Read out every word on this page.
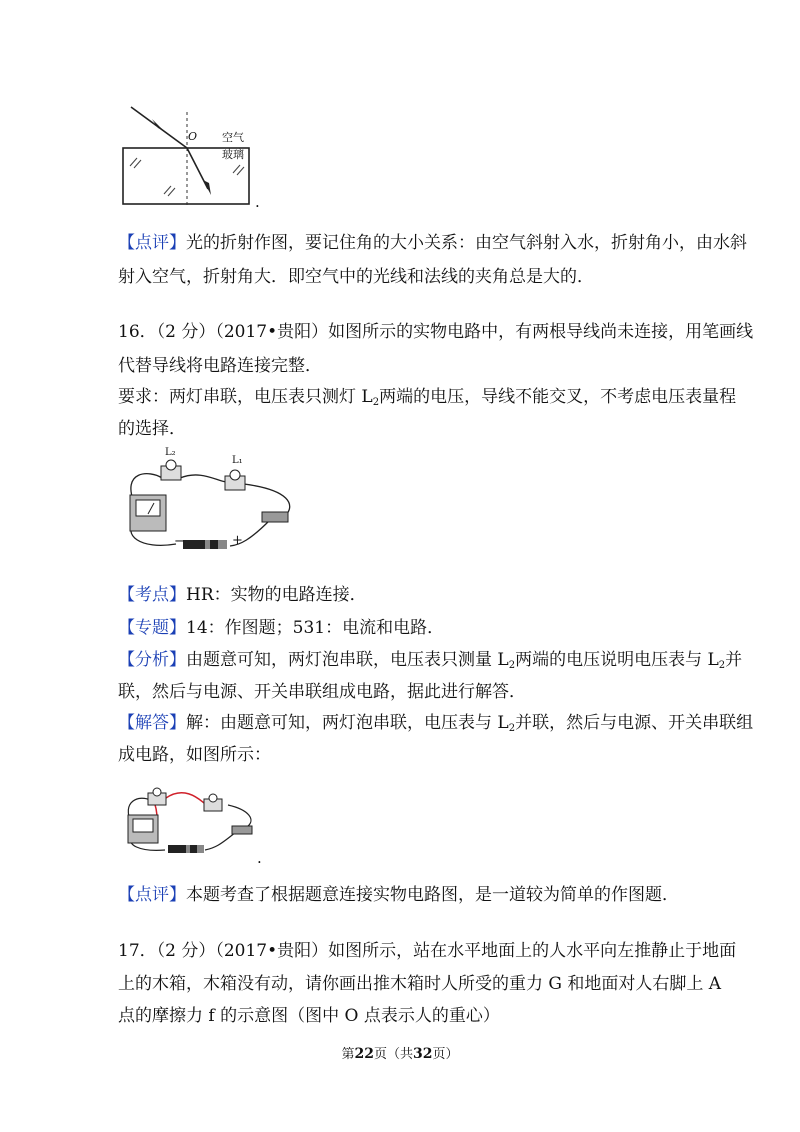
O 空气
玻璃
.
【点评】光的折射作图，要记住角的大小关系：由空气斜射入水，折射角小，由水斜
射入空气，折射角大．即空气中的光线和法线的夹角总是大的．
16．（2 分）（2017•贵阳）如图所示的实物电路中，有两根导线尚未连接，用笔画线
代替导线将电路连接完整．
要求：两灯串联，电压表只测灯 $L_2$两端的电压，导线不能交叉，不考虑电压表量程
的选择．
L₂
L₁
−	+
【考点】HR：实物的电路连接．
【专题】14：作图题；531：电流和电路．
【分析】由题意可知，两灯泡串联，电压表只测量 $L_2$两端的电压说明电压表与 $L_2$并
联，然后与电源、开关串联组成电路，据此进行解答．
【解答】解：由题意可知，两灯泡串联，电压表与 $L_2$并联，然后与电源、开关串联组
成电路，如图所示：
.
【点评】本题考查了根据题意连接实物电路图，是一道较为简单的作图题．
17．（2 分）（2017•贵阳）如图所示，站在水平地面上的人水平向左推静止于地面
上的木箱，木箱没有动，请你画出推木箱时人所受的重力 G 和地面对人右脚上 A
点的摩擦力 f 的示意图（图中 O 点表示人的重心）
第22页（共32页）
